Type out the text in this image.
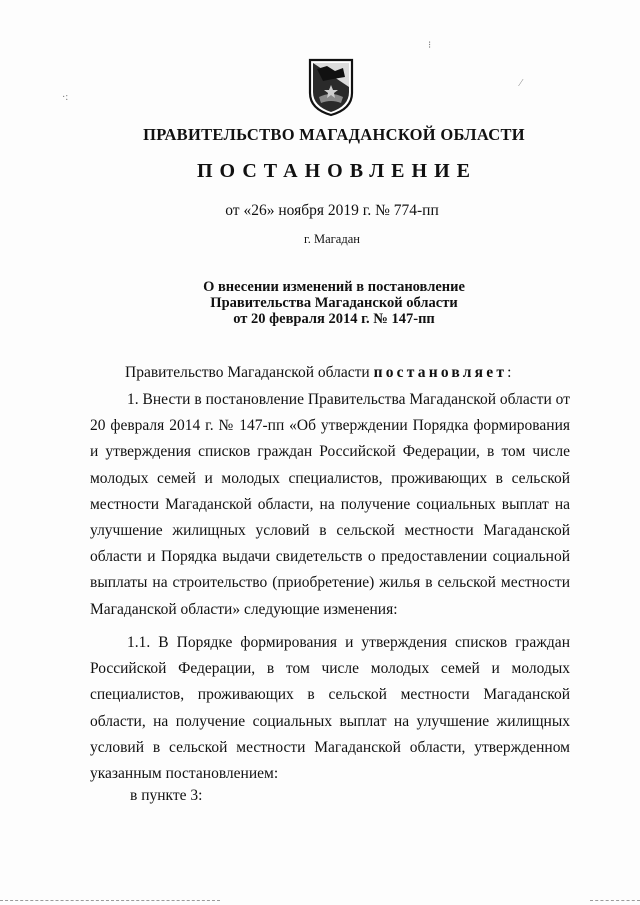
ПРАВИТЕЛЬСТВО МАГАДАНСКОЙ ОБЛАСТИ
ПОСТАНОВЛЕНИЕ
от «26» ноября 2019 г. № 774-пп
г. Магадан
О внесении изменений в постановление
Правительства Магаданской области
от 20 февраля 2014 г. № 147-пп
Правительство Магаданской области постановляет:
1. Внести в постановление Правительства Магаданской области от 20 февраля 2014 г. № 147-пп «Об утверждении Порядка формирования и утверждения списков граждан Российской Федерации, в том числе молодых семей и молодых специалистов, проживающих в сельской местности Магаданской области, на получение социальных выплат на улучшение жилищных условий в сельской местности Магаданской области и Порядка выдачи свидетельств о предоставлении социальной выплаты на строительство (приобретение) жилья в сельской местности Магаданской области» следующие изменения:
1.1. В Порядке формирования и утверждения списков граждан Российской Федерации, в том числе молодых семей и молодых специалистов, проживающих в сельской местности Магаданской области, на получение социальных выплат на улучшение жилищных условий в сельской местности Магаданской области, утвержденном указанным постановлением:
в пункте 3:
⁝
⁄
·:
